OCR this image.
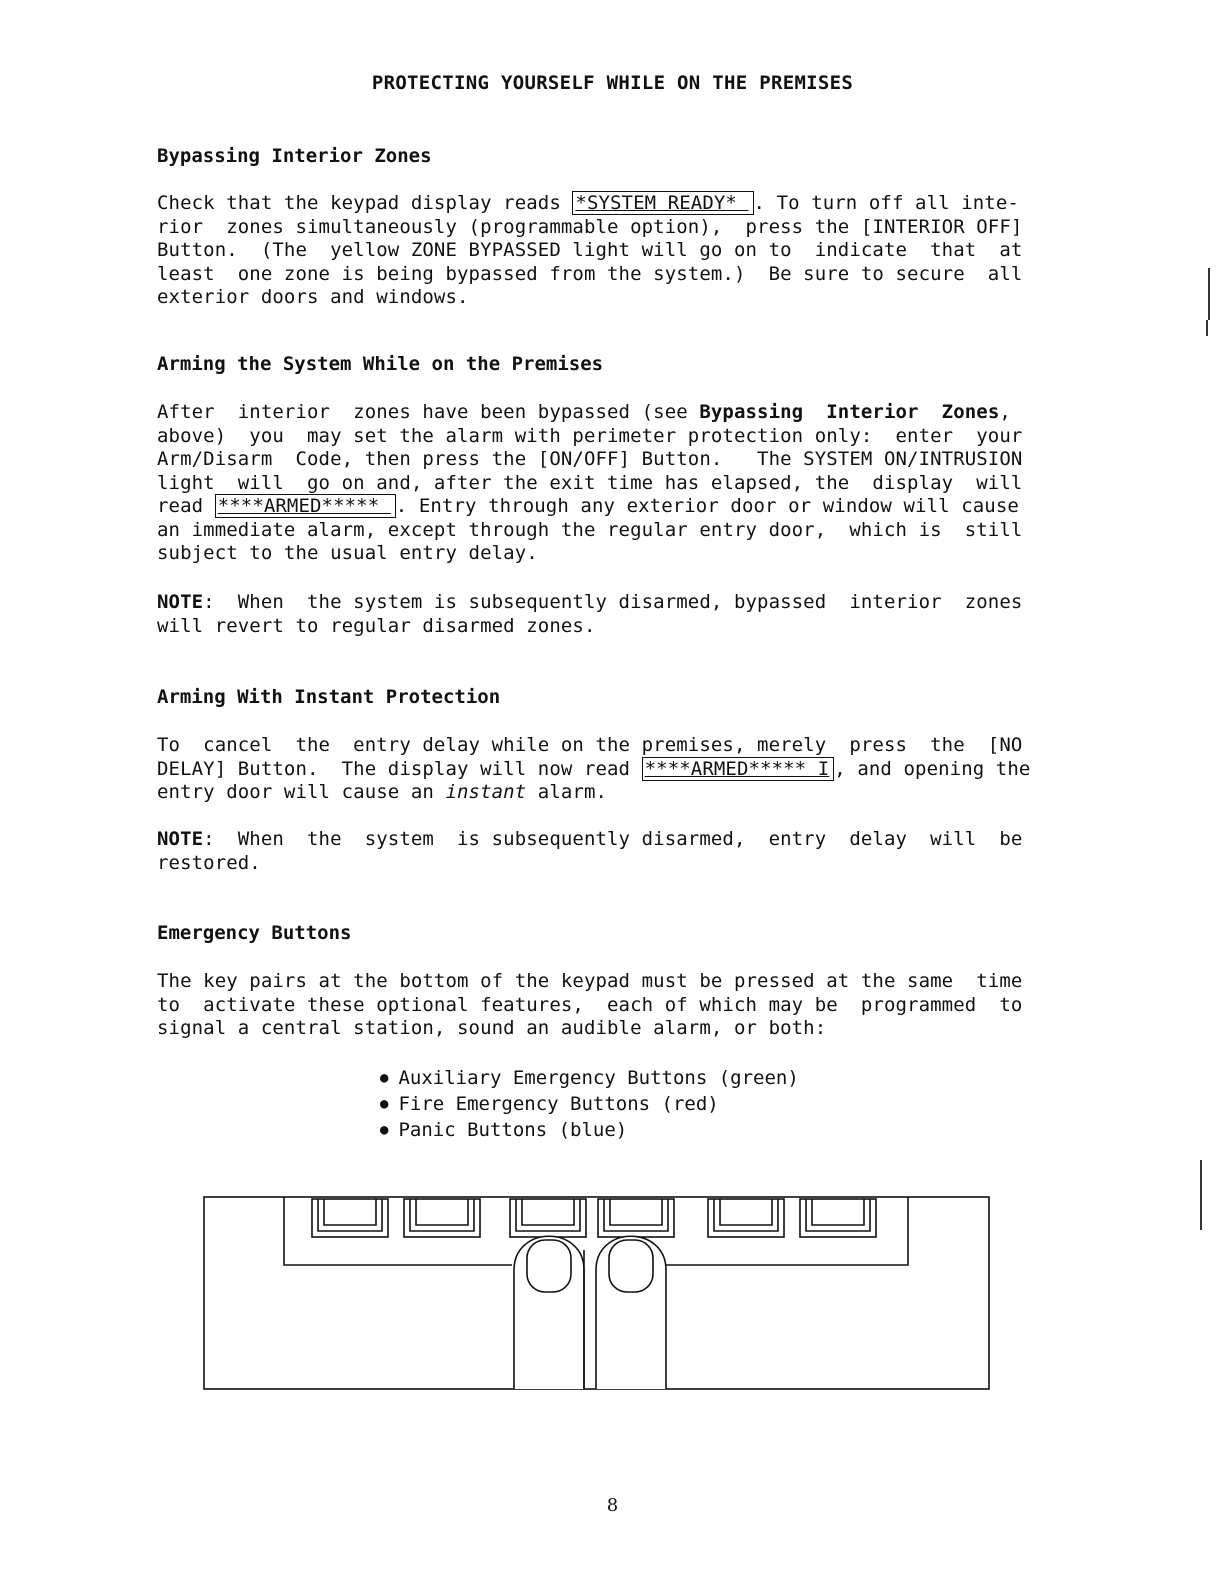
PROTECTING YOURSELF WHILE ON THE PREMISES
Bypassing Interior Zones
Check that the keypad display reads *SYSTEM READY* . To turn off all inte-
rior  zones simultaneously (programmable option),  press the [INTERIOR OFF]
Button.  (The  yellow ZONE BYPASSED light will go on to  indicate  that  at
least  one zone is being bypassed from the system.)  Be sure to secure  all
exterior doors and windows.
Arming the System While on the Premises
After  interior  zones have been bypassed (see Bypassing  Interior  Zones,
above)  you  may set the alarm with perimeter protection only:  enter  your
Arm/Disarm  Code, then press the [ON/OFF] Button.   The SYSTEM ON/INTRUSION
light  will  go on and, after the exit time has elapsed, the  display  will
read ****ARMED***** . Entry through any exterior door or window will cause
an immediate alarm, except through the regular entry door,  which is  still
subject to the usual entry delay.
NOTE:  When  the system is subsequently disarmed, bypassed  interior  zones
will revert to regular disarmed zones.
Arming With Instant Protection
To  cancel  the  entry delay while on the premises, merely  press  the  [NO
DELAY] Button.  The display will now read ****ARMED***** I , and opening the
entry door will cause an instant alarm.
NOTE:  When  the  system  is subsequently disarmed,  entry  delay  will  be
restored.
Emergency Buttons
The key pairs at the bottom of the keypad must be pressed at the same  time
to  activate these optional features,  each of which may be  programmed  to
signal a central station, sound an audible alarm, or both:
● Auxiliary Emergency Buttons (green)
● Fire Emergency Buttons (red)
● Panic Buttons (blue)
8
